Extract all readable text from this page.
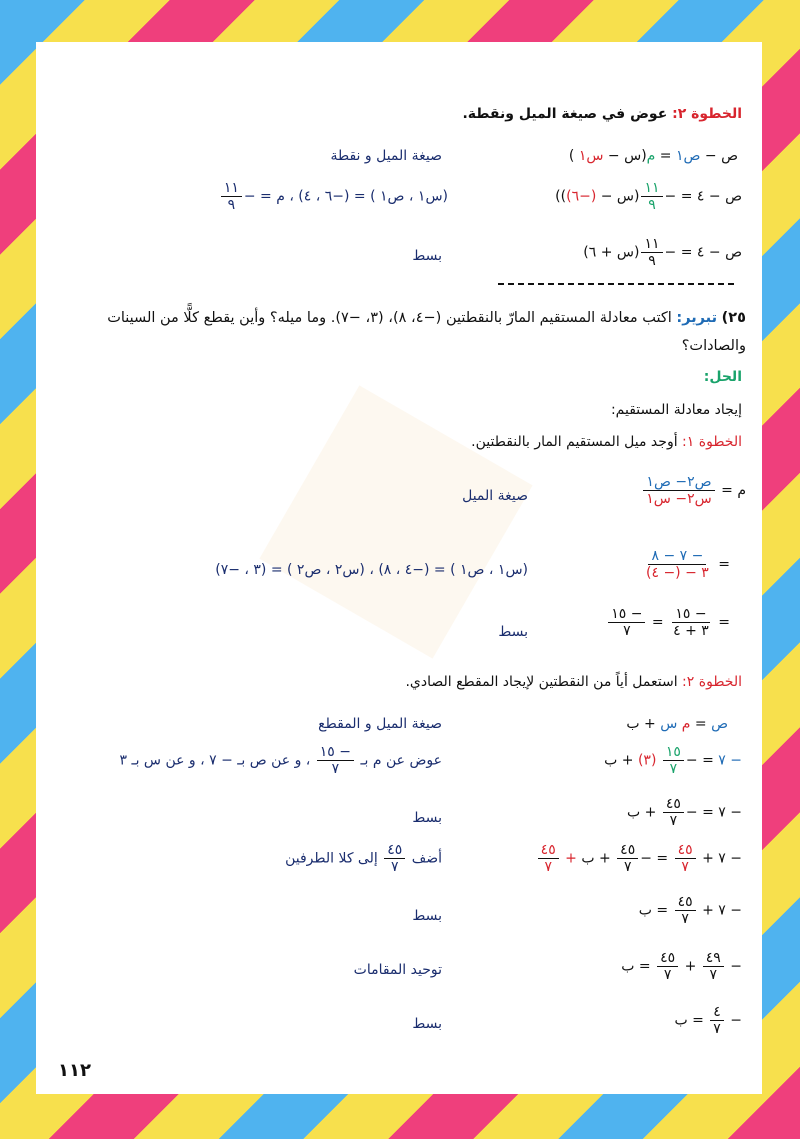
الخطوة ٢: عوض في صيغة الميل ونقطة.
ص − ص١ = م(س − س١ )
صيغة الميل و نقطة
ص − ٤ = −
$\frac{١١}{٩}$
(س − (−٦)))
(س١ ، ص١ ) = (−٦ ، ٤) ، م = −
$\frac{١١}{٩}$
ص − ٤ = −
$\frac{١١}{٩}$
(س + ٦)
بسط
٢٥) تبرير: اكتب معادلة المستقيم المارّ بالنقطتين (−٤، ٨)، (٣، −٧). وما ميله؟ وأين يقطع كلًّا من السينات والصادات؟
الحل:
إيجاد معادلة المستقيم:
الخطوة ١: أوجد ميل المستقيم المار بالنقطتين.
م =
$\frac{\text{ص٢− ص١}}{\text{س٢− س١}}$
صيغة الميل
=
$\frac{- ٧ - ٨}{٣ - (- ٤)}$
(س١ ، ص١ ) = (−٤ ، ٨) ، (س٢ ، ص٢ ) = (٣ ، −٧)
=
$\frac{- ١٥}{٣ + ٤}$
=
$\frac{- ١٥}{٧}$
بسط
الخطوة ٢: استعمل أياً من النقطتين لإيجاد المقطع الصادي.
ص = م س + ب
صيغة الميل و المقطع
− ٧ = −
$\frac{١٥}{٧}$
(٣) + ب
عوض عن م بـ
$\frac{- ١٥}{٧}$
، و عن ص بـ − ٧ ، و عن س بـ ٣
− ٧ = −
$\frac{٤٥}{٧}$
+ ب
بسط
− ٧ +
$\frac{٤٥}{٧}$
= −
$\frac{٤٥}{٧}$
+ ب +
$\frac{٤٥}{٧}$
أضف
$\frac{٤٥}{٧}$
إلى كلا الطرفين
− ٧ +
$\frac{٤٥}{٧}$
= ب
بسط
−
$\frac{٤٩}{٧}$
+
$\frac{٤٥}{٧}$
= ب
توحيد المقامات
−
$\frac{٤}{٧}$
= ب
بسط
١١٢
